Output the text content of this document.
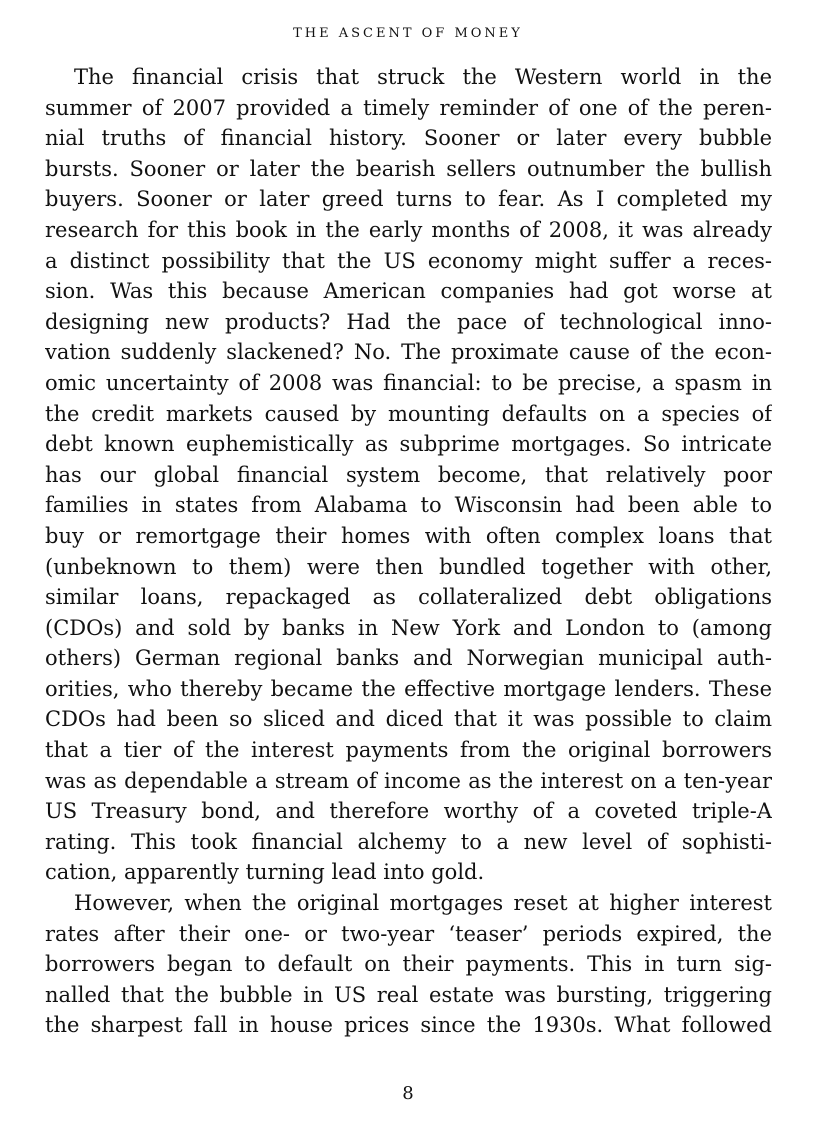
THE ASCENT OF MONEY
The financial crisis that struck the Western world in the
summer of 2007 provided a timely reminder of one of the peren-
nial truths of financial history. Sooner or later every bubble
bursts. Sooner or later the bearish sellers outnumber the bullish
buyers. Sooner or later greed turns to fear. As I completed my
research for this book in the early months of 2008, it was already
a distinct possibility that the US economy might suffer a reces-
sion. Was this because American companies had got worse at
designing new products? Had the pace of technological inno-
vation suddenly slackened? No. The proximate cause of the econ-
omic uncertainty of 2008 was financial: to be precise, a spasm in
the credit markets caused by mounting defaults on a species of
debt known euphemistically as subprime mortgages. So intricate
has our global financial system become, that relatively poor
families in states from Alabama to Wisconsin had been able to
buy or remortgage their homes with often complex loans that
(unbeknown to them) were then bundled together with other,
similar loans, repackaged as collateralized debt obligations
(CDOs) and sold by banks in New York and London to (among
others) German regional banks and Norwegian municipal auth-
orities, who thereby became the effective mortgage lenders. These
CDOs had been so sliced and diced that it was possible to claim
that a tier of the interest payments from the original borrowers
was as dependable a stream of income as the interest on a ten-year
US Treasury bond, and therefore worthy of a coveted triple-A
rating. This took financial alchemy to a new level of sophisti-
cation, apparently turning lead into gold.
However, when the original mortgages reset at higher interest
rates after their one- or two-year ‘teaser’ periods expired, the
borrowers began to default on their payments. This in turn sig-
nalled that the bubble in US real estate was bursting, triggering
the sharpest fall in house prices since the 1930s. What followed
8
